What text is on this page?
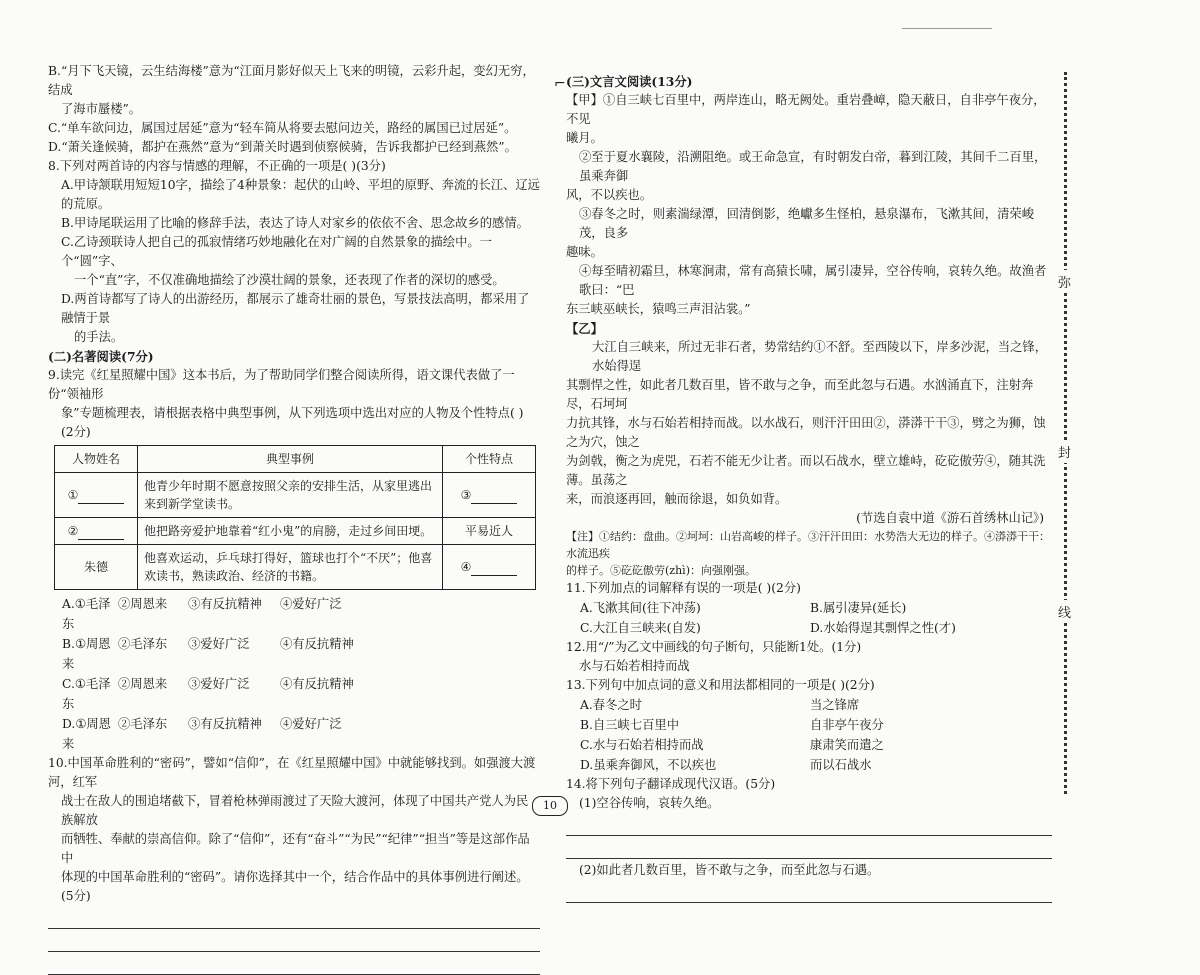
⌐

B.“月下飞天镜，云生结海楼”意为“江面月影好似天上飞来的明镜，云彩升起，变幻无穷，结成

了海市蜃楼”。

C.“单车欲问边，属国过居延”意为“轻车简从将要去慰问边关，路经的属国已过居延”。

D.“萧关逢候骑，都护在燕然”意为“到萧关时遇到侦察候骑，告诉我都护已经到燕然”。

8.下列对两首诗的内容与情感的理解，不正确的一项是( )(3分)

A.甲诗颔联用短短10字，描绘了4种景象：起伏的山岭、平坦的原野、奔流的长江、辽远的荒原。

B.甲诗尾联运用了比喻的修辞手法，表达了诗人对家乡的依依不舍、思念故乡的感情。

C.乙诗颈联诗人把自己的孤寂情绪巧妙地融化在对广阔的自然景象的描绘中。一个“圆”字、

一个“直”字，不仅准确地描绘了沙漠壮阔的景象，还表现了作者的深切的感受。

D.两首诗都写了诗人的出游经历，都展示了雄奇壮丽的景色，写景技法高明，都采用了融情于景

的手法。

(二)名著阅读(7分)

9.读完《红星照耀中国》这本书后，为了帮助同学们整合阅读所得，语文课代表做了一份“领袖形

象”专题梳理表，请根据表格中典型事例，从下列选项中选出对应的人物及个性特点( )

(2分)

人物姓名	典型事例	个性特点
①	他青少年时期不愿意按照父亲的安排生活，从家里逃出来到新学堂读书。	③
②	他把路旁爱护地靠着“红小鬼”的肩膀，走过乡间田埂。	平易近人
朱德	他喜欢运动，乒乓球打得好，篮球也打个“不厌”；他喜欢读书，熟读政治、经济的书籍。	④
A.①毛泽东
②周恩来	③有反抗精神	④爱好广泛
B.①周恩来
②毛泽东	③爱好广泛	④有反抗精神
C.①毛泽东
②周恩来	③爱好广泛	④有反抗精神
D.①周恩来
②毛泽东	③有反抗精神	④爱好广泛

10.中国革命胜利的“密码”，譬如“信仰”，在《红星照耀中国》中就能够找到。如强渡大渡河，红军

战士在敌人的围追堵截下，冒着枪林弹雨渡过了天险大渡河，体现了中国共产党人为民族解放

而牺牲、奉献的崇高信仰。除了“信仰”，还有“奋斗”“为民”“纪律”“担当”等是这部作品中

体现的中国革命胜利的“密码”。请你选择其中一个，结合作品中的具体事例进行阐述。

(5分)

(三)文言文阅读(13分)

【甲】①自三峡七百里中，两岸连山，略无阙处。重岩叠嶂，隐天蔽日，自非亭午夜分，不见

曦月。

②至于夏水襄陵，沿溯阻绝。或王命急宣，有时朝发白帝，暮到江陵，其间千二百里，虽乘奔御

风，不以疾也。

③春冬之时，则素湍绿潭，回清倒影，绝巘多生怪柏，悬泉瀑布，飞漱其间，清荣峻茂，良多

趣味。

④每至晴初霜旦，林寒涧肃，常有高猿长啸，属引凄异，空谷传响，哀转久绝。故渔者歌曰：“巴

东三峡巫峡长，猿鸣三声泪沾裳。”

【乙】

大江自三峡来，所过无非石者，势常结约①不舒。至西陵以下，岸多沙泥，当之锋，水始得逞

其剽悍之性，如此者几数百里，皆不敢与之争，而至此忽与石遇。水汹涌直下，注射奔尽，石坷坷

力抗其锋，水与石始若相持而战。以水战石，则汗汗田田②，漭漭干干③，劈之为狮，蚀之为穴，蚀之

为剑戟，衡之为虎兕，石若不能无少让者。而以石战水，壁立雄峙，矻矻傲劳④，随其洗薄。虽荡之

来，而浪逐再回，触而徐退，如负如背。

(节选自袁中道《游石首绣林山记》)

【注】①结约：盘曲。②坷坷：山岩高峻的样子。③汗汗田田：水势浩大无边的样子。④漭漭干干：水流迅疾

的样子。⑤矻矻傲劳(zhì)：向强刚强。

11.下列加点的词解释有误的一项是( )(2分)

A.飞漱其间(往下冲荡)	B.属引凄异(延长)
C.大江自三峡来(自发)	D.水始得逞其剽悍之性(才)

12.用“/”为乙文中画线的句子断句，只能断1处。(1分)

水与石始若相持而战

13.下列句中加点词的意义和用法都相同的一项是( )(2分)

A.春冬之时	当之锋席
B.自三峡七百里中	自非亭午夜分
C.水与石始若相持而战	康肃笑而遣之
D.虽乘奔御风，不以疾也	而以石战水

14.将下列句子翻译成现代汉语。(5分)

(1)空谷传响，哀转久绝。

(2)如此者几数百里，皆不敢与之争，而至此忽与石遇。

弥
封
线
10
